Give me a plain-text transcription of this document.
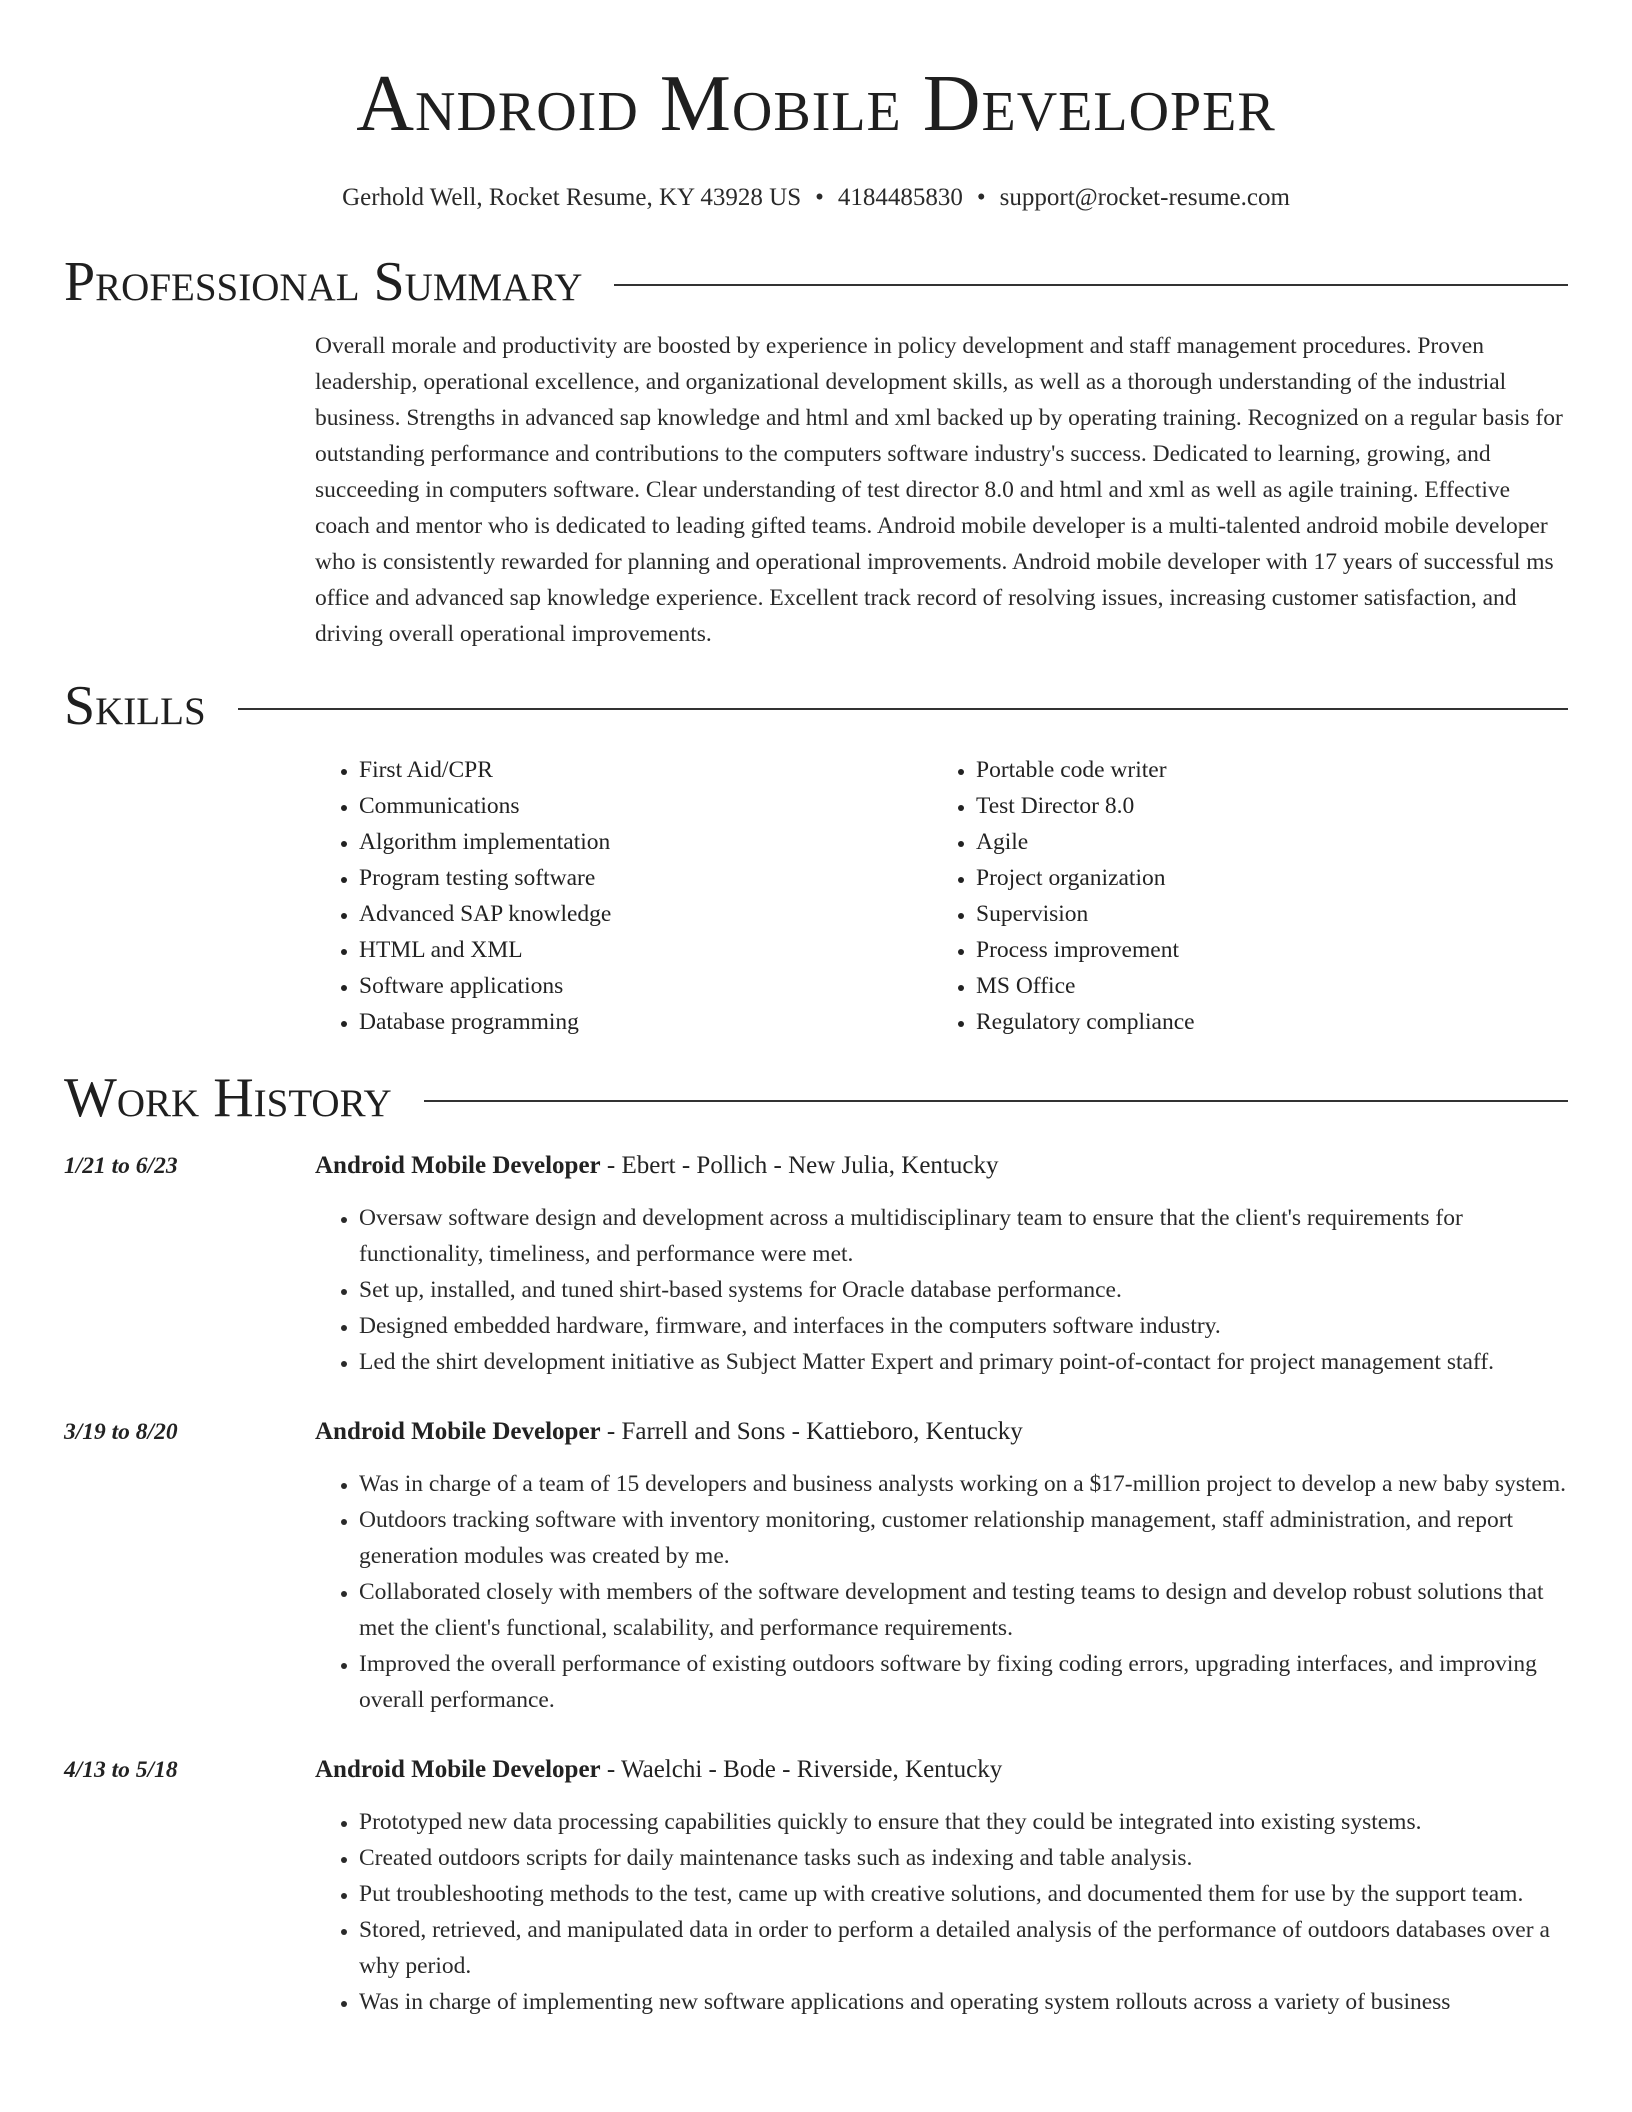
Android Mobile Developer
Gerhold Well, Rocket Resume, KY 43928 US • 4184485830 • support@rocket-resume.com
Professional Summary
Overall morale and productivity are boosted by experience in policy development and staff management procedures. Proven leadership, operational excellence, and organizational development skills, as well as a thorough understanding of the industrial business. Strengths in advanced sap knowledge and html and xml backed up by operating training. Recognized on a regular basis for outstanding performance and contributions to the computers software industry's success. Dedicated to learning, growing, and succeeding in computers software. Clear understanding of test director 8.0 and html and xml as well as agile training. Effective coach and mentor who is dedicated to leading gifted teams. Android mobile developer is a multi-talented android mobile developer who is consistently rewarded for planning and operational improvements. Android mobile developer with 17 years of successful ms office and advanced sap knowledge experience. Excellent track record of resolving issues, increasing customer satisfaction, and driving overall operational improvements.
Skills
• First Aid/CPR
• Communications
• Algorithm implementation
• Program testing software
• Advanced SAP knowledge
• HTML and XML
• Software applications
• Database programming
• Portable code writer
• Test Director 8.0
• Agile
• Project organization
• Supervision
• Process improvement
• MS Office
• Regulatory compliance
Work History
1/21 to 6/23	Android Mobile Developer - Ebert - Pollich - New Julia, Kentucky
• Oversaw software design and development across a multidisciplinary team to ensure that the client's requirements for functionality, timeliness, and performance were met.
• Set up, installed, and tuned shirt-based systems for Oracle database performance.
• Designed embedded hardware, firmware, and interfaces in the computers software industry.
• Led the shirt development initiative as Subject Matter Expert and primary point-of-contact for project management staff.
3/19 to 8/20	Android Mobile Developer - Farrell and Sons - Kattieboro, Kentucky
• Was in charge of a team of 15 developers and business analysts working on a $17-million project to develop a new baby system.
• Outdoors tracking software with inventory monitoring, customer relationship management, staff administration, and report generation modules was created by me.
• Collaborated closely with members of the software development and testing teams to design and develop robust solutions that met the client's functional, scalability, and performance requirements.
• Improved the overall performance of existing outdoors software by fixing coding errors, upgrading interfaces, and improving overall performance.
4/13 to 5/18	Android Mobile Developer - Waelchi - Bode - Riverside, Kentucky
• Prototyped new data processing capabilities quickly to ensure that they could be integrated into existing systems.
• Created outdoors scripts for daily maintenance tasks such as indexing and table analysis.
• Put troubleshooting methods to the test, came up with creative solutions, and documented them for use by the support team.
• Stored, retrieved, and manipulated data in order to perform a detailed analysis of the performance of outdoors databases over a why period.
• Was in charge of implementing new software applications and operating system rollouts across a variety of business
